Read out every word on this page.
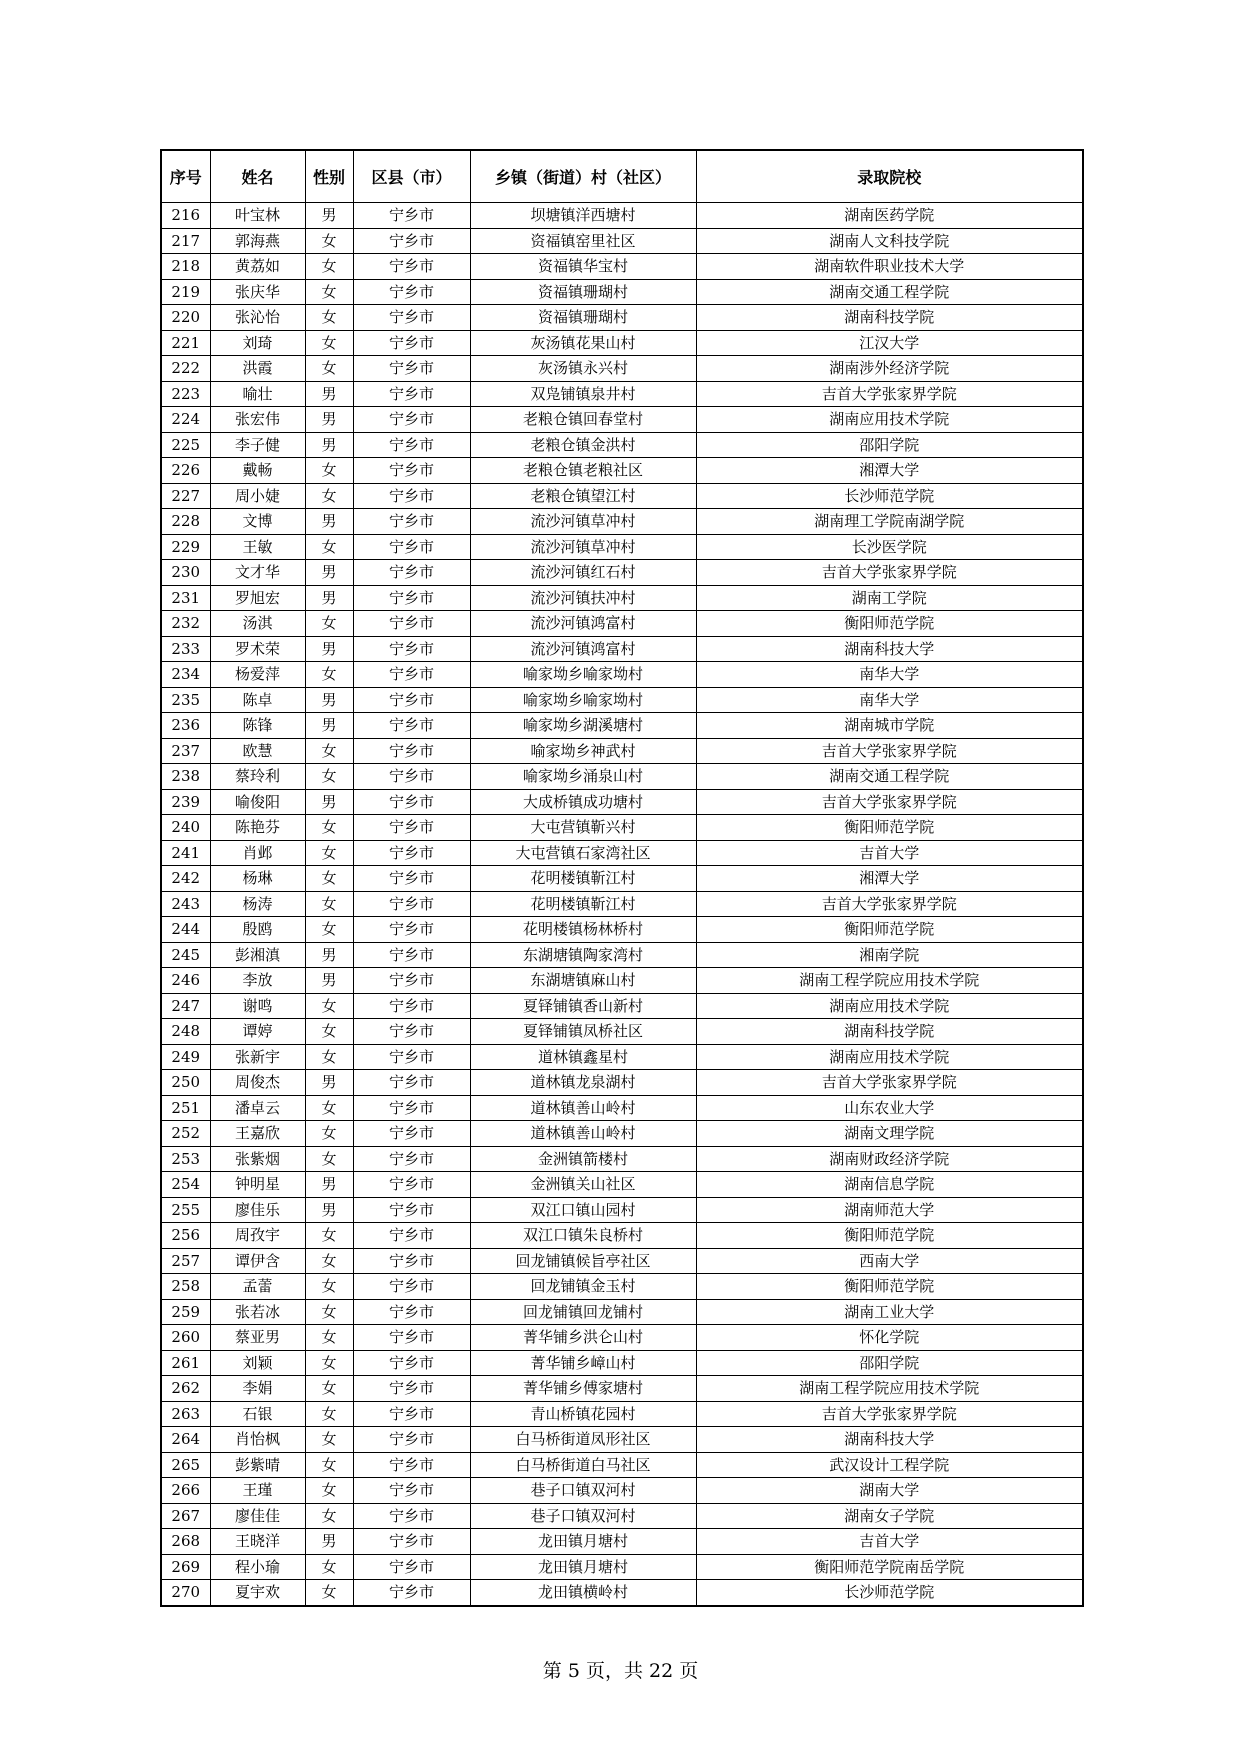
序号	姓名	性别	区县（市）	乡镇（街道）村（社区）	录取院校
216	叶宝林	男	宁乡市	坝塘镇洋西塘村	湖南医药学院
217	郭海燕	女	宁乡市	资福镇窑里社区	湖南人文科技学院
218	黄荔如	女	宁乡市	资福镇华宝村	湖南软件职业技术大学
219	张庆华	女	宁乡市	资福镇珊瑚村	湖南交通工程学院
220	张沁怡	女	宁乡市	资福镇珊瑚村	湖南科技学院
221	刘琦	女	宁乡市	灰汤镇花果山村	江汉大学
222	洪霞	女	宁乡市	灰汤镇永兴村	湖南涉外经济学院
223	喻壮	男	宁乡市	双凫铺镇泉井村	吉首大学张家界学院
224	张宏伟	男	宁乡市	老粮仓镇回春堂村	湖南应用技术学院
225	李子健	男	宁乡市	老粮仓镇金洪村	邵阳学院
226	戴畅	女	宁乡市	老粮仓镇老粮社区	湘潭大学
227	周小婕	女	宁乡市	老粮仓镇望江村	长沙师范学院
228	文博	男	宁乡市	流沙河镇草冲村	湖南理工学院南湖学院
229	王敏	女	宁乡市	流沙河镇草冲村	长沙医学院
230	文才华	男	宁乡市	流沙河镇红石村	吉首大学张家界学院
231	罗旭宏	男	宁乡市	流沙河镇扶冲村	湖南工学院
232	汤淇	女	宁乡市	流沙河镇鸿富村	衡阳师范学院
233	罗术荣	男	宁乡市	流沙河镇鸿富村	湖南科技大学
234	杨爱萍	女	宁乡市	喻家坳乡喻家坳村	南华大学
235	陈卓	男	宁乡市	喻家坳乡喻家坳村	南华大学
236	陈锋	男	宁乡市	喻家坳乡湖溪塘村	湖南城市学院
237	欧慧	女	宁乡市	喻家坳乡神武村	吉首大学张家界学院
238	蔡玲利	女	宁乡市	喻家坳乡涌泉山村	湖南交通工程学院
239	喻俊阳	男	宁乡市	大成桥镇成功塘村	吉首大学张家界学院
240	陈艳芬	女	宁乡市	大屯营镇靳兴村	衡阳师范学院
241	肖邺	女	宁乡市	大屯营镇石家湾社区	吉首大学
242	杨琳	女	宁乡市	花明楼镇靳江村	湘潭大学
243	杨涛	女	宁乡市	花明楼镇靳江村	吉首大学张家界学院
244	殷鸥	女	宁乡市	花明楼镇杨林桥村	衡阳师范学院
245	彭湘滇	男	宁乡市	东湖塘镇陶家湾村	湘南学院
246	李放	男	宁乡市	东湖塘镇麻山村	湖南工程学院应用技术学院
247	谢鸣	女	宁乡市	夏铎铺镇香山新村	湖南应用技术学院
248	谭婷	女	宁乡市	夏铎铺镇凤桥社区	湖南科技学院
249	张新宇	女	宁乡市	道林镇鑫星村	湖南应用技术学院
250	周俊杰	男	宁乡市	道林镇龙泉湖村	吉首大学张家界学院
251	潘卓云	女	宁乡市	道林镇善山岭村	山东农业大学
252	王嘉欣	女	宁乡市	道林镇善山岭村	湖南文理学院
253	张紫烟	女	宁乡市	金洲镇箭楼村	湖南财政经济学院
254	钟明星	男	宁乡市	金洲镇关山社区	湖南信息学院
255	廖佳乐	男	宁乡市	双江口镇山园村	湖南师范大学
256	周孜宇	女	宁乡市	双江口镇朱良桥村	衡阳师范学院
257	谭伊含	女	宁乡市	回龙铺镇候旨亭社区	西南大学
258	孟蕾	女	宁乡市	回龙铺镇金玉村	衡阳师范学院
259	张若冰	女	宁乡市	回龙铺镇回龙铺村	湖南工业大学
260	蔡亚男	女	宁乡市	菁华铺乡洪仑山村	怀化学院
261	刘颖	女	宁乡市	菁华铺乡嶂山村	邵阳学院
262	李娟	女	宁乡市	菁华铺乡傅家塘村	湖南工程学院应用技术学院
263	石银	女	宁乡市	青山桥镇花园村	吉首大学张家界学院
264	肖怡枫	女	宁乡市	白马桥街道凤形社区	湖南科技大学
265	彭紫晴	女	宁乡市	白马桥街道白马社区	武汉设计工程学院
266	王瑾	女	宁乡市	巷子口镇双河村	湖南大学
267	廖佳佳	女	宁乡市	巷子口镇双河村	湖南女子学院
268	王晓洋	男	宁乡市	龙田镇月塘村	吉首大学
269	程小瑜	女	宁乡市	龙田镇月塘村	衡阳师范学院南岳学院
270	夏宇欢	女	宁乡市	龙田镇横岭村	长沙师范学院
第 5 页，共 22 页
